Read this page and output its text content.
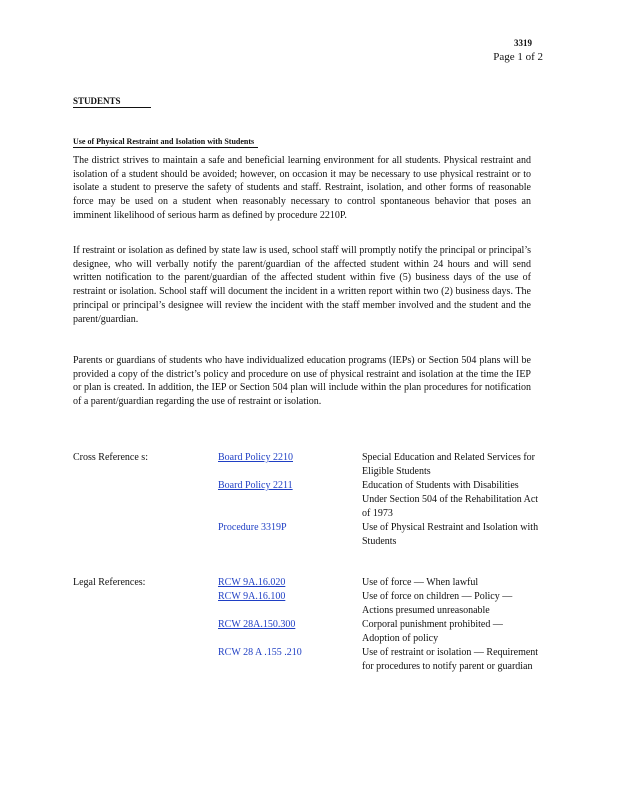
3319
Page 1 of 2
STUDENTS
Use of Physical Restraint and Isolation with Students

The district strives to maintain a safe and beneficial learning environment for all students. Physical restraint and isolation of a student should be avoided; however, on occasion it may be necessary to use physical restraint or to isolate a student to preserve the safety of students and staff. Restraint, isolation, and other forms of reasonable force may be used on a student when reasonably necessary to control spontaneous behavior that poses an imminent likelihood of serious harm as defined by procedure 2210P.

If restraint or isolation as defined by state law is used, school staff will promptly notify the principal or principal’s designee, who will verbally notify the parent/guardian of the affected student within 24 hours and will send written notification to the parent/guardian of the affected student within five (5) business days of the use of restraint or isolation. School staff will document the incident in a written report within two (2) business days. The principal or principal’s designee will review the incident with the staff member involved and the student and the parent/guardian.

Parents or guardians of students who have individualized education programs (IEPs) or Section 504 plans will be provided a copy of the district’s policy and procedure on use of physical restraint and isolation at the time the IEP or plan is created. In addition, the IEP or Section 504 plan will include within the plan procedures for notification of a parent/guardian regarding the use of restraint or isolation.

Cross Reference s:	Board Policy 2210	Special Education and Related Services for Eligible Students
Board Policy 2211	Education of Students with Disabilities Under Section 504 of the Rehabilitation Act of 1973
Procedure 3319P	Use of Physical Restraint and Isolation with Students
Legal References:	RCW 9A.16.020	Use of force — When lawful
RCW 9A.16.100	Use of force on children — Policy — Actions presumed unreasonable
RCW 28A.150.300	Corporal punishment prohibited — Adoption of policy
RCW 28 A .155 .210	Use of restraint or isolation — Requirement for procedures to notify parent or guardian
